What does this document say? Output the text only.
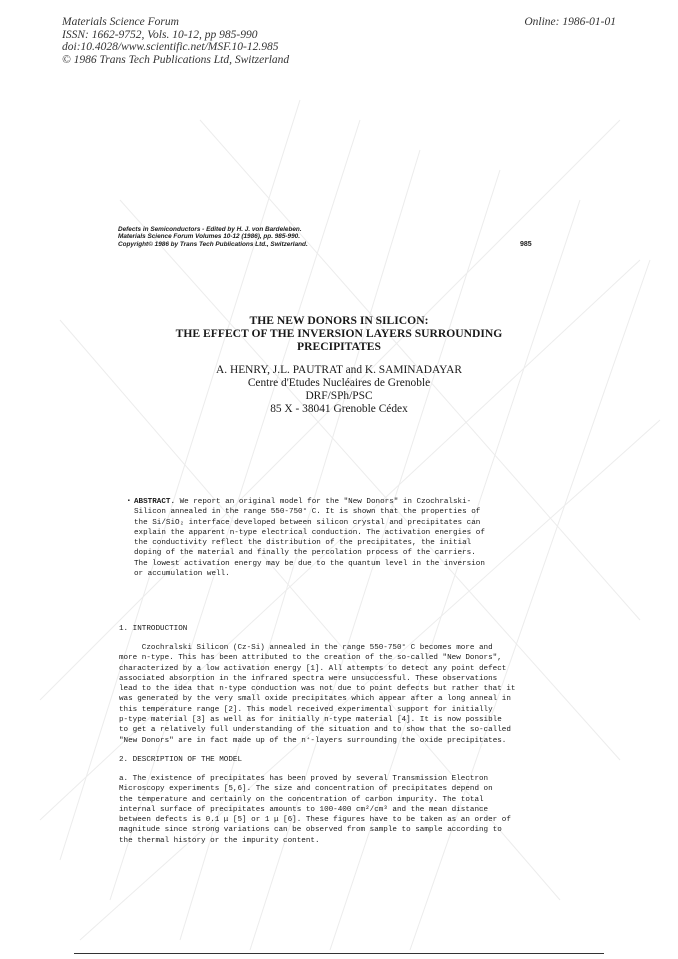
Materials Science Forum
ISSN: 1662-9752, Vols. 10-12, pp 985-990
doi:10.4028/www.scientific.net/MSF.10-12.985
© 1986 Trans Tech Publications Ltd, Switzerland
Online: 1986-01-01
Defects in Semiconductors - Edited by H. J. von Bardeleben.
Materials Science Forum Volumes 10-12 (1986), pp. 985-990.
Copyright© 1986 by Trans Tech Publications Ltd., Switzerland.	985
THE NEW DONORS IN SILICON:
THE EFFECT OF THE INVERSION LAYERS SURROUNDING
PRECIPITATES
A. HENRY, J.L. PAUTRAT and K. SAMINADAYAR
Centre d'Etudes Nucléaires de Grenoble
DRF/SPh/PSC
85 X - 38041 Grenoble Cédex
▪ ABSTRACT. We report an original model for the "New Donors" in Czochralski-
Silicon annealed in the range 550-750° C. It is shown that the properties of
the Si/SiO₂ interface developed between silicon crystal and precipitates can
explain the apparent n-type electrical conduction. The activation energies of
the conductivity reflect the distribution of the precipitates, the initial
doping of the material and finally the percolation process of the carriers.
The lowest activation energy may be due to the quantum level in the inversion
or accumulation well.
1. INTRODUCTION
Czochralski Silicon (Cz-Si) annealed in the range 550-750° C becomes more and
more n-type. This has been attributed to the creation of the so-called "New Donors",
characterized by a low activation energy [1]. All attempts to detect any point defect
associated absorption in the infrared spectra were unsuccessful. These observations
lead to the idea that n-type conduction was not due to point defects but rather that it
was generated by the very small oxide precipitates which appear after a long anneal in
this temperature range [2]. This model received experimental support for initially
p-type material [3] as well as for initially n-type material [4]. It is now possible
to get a relatively full understanding of the situation and to show that the so-called
"New Donors" are in fact made up of the n⁺-layers surrounding the oxide precipitates.
2. DESCRIPTION OF THE MODEL
a. The existence of precipitates has been proved by several Transmission Electron
Microscopy experiments [5,6]. The size and concentration of precipitates depend on
the temperature and certainly on the concentration of carbon impurity. The total
internal surface of precipitates amounts to 100-400 cm²/cm³ and the mean distance
between defects is 0.1 μ [5] or 1 μ [6]. These figures have to be taken as an order of
magnitude since strong variations can be observed from sample to sample according to
the thermal history or the impurity content.
